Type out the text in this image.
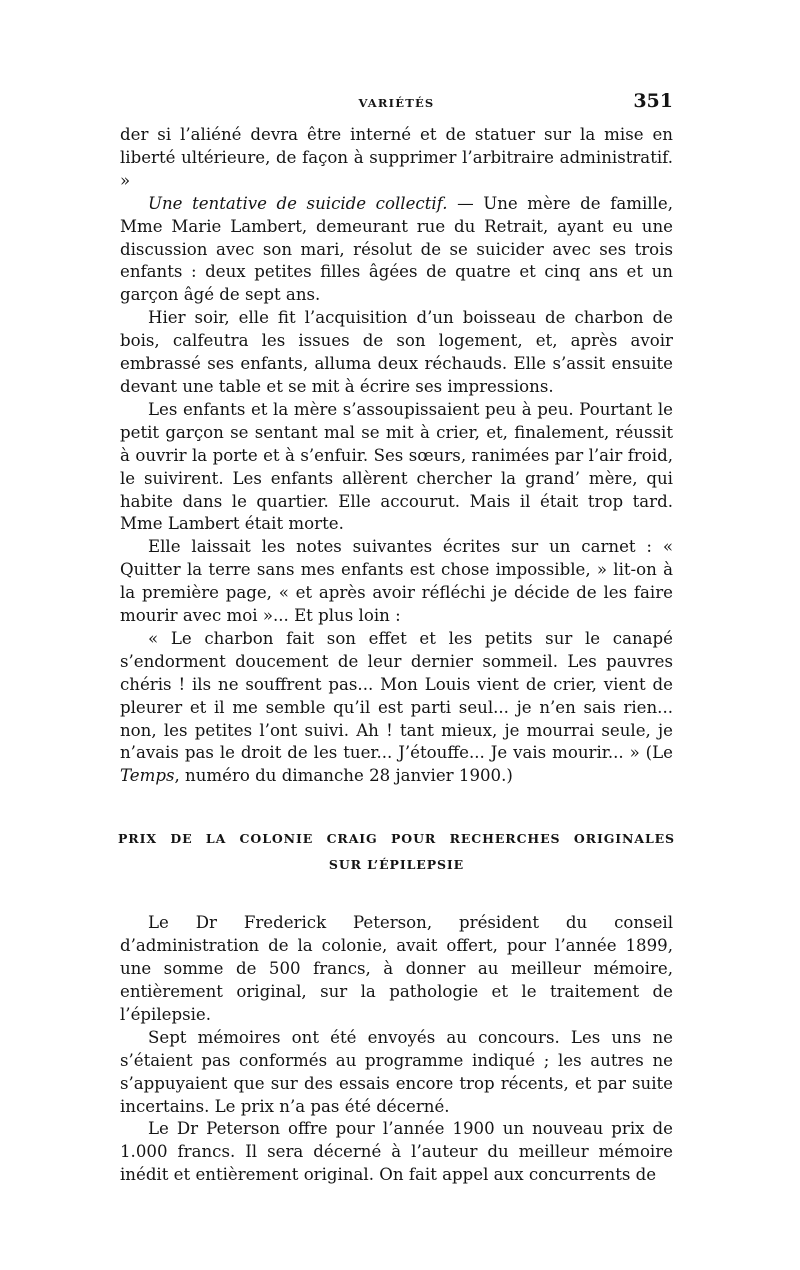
VARIÉTÉS	351

der si l’aliéné devra être interné et de statuer sur la mise en liberté ultérieure, de façon à supprimer l’arbitraire administratif. »

Une tentative de suicide collectif. — Une mère de famille, Mme Marie Lambert, demeurant rue du Retrait, ayant eu une discussion avec son mari, résolut de se suicider avec ses trois enfants : deux petites filles âgées de quatre et cinq ans et un garçon âgé de sept ans.

Hier soir, elle fit l’acquisition d’un boisseau de charbon de bois, calfeutra les issues de son logement, et, après avoir embrassé ses enfants, alluma deux réchauds. Elle s’assit ensuite devant une table et se mit à écrire ses impressions.

Les enfants et la mère s’assoupissaient peu à peu. Pourtant le petit garçon se sentant mal se mit à crier, et, finalement, réussit à ouvrir la porte et à s’enfuir. Ses sœurs, ranimées par l’air froid, le suivirent. Les enfants allèrent chercher la grand’ mère, qui habite dans le quartier. Elle accourut. Mais il était trop tard. Mme Lambert était morte.

Elle laissait les notes suivantes écrites sur un carnet : « Quitter la terre sans mes enfants est chose impossible, » lit-on à la première page, « et après avoir réfléchi je décide de les faire mourir avec moi »... Et plus loin :

« Le charbon fait son effet et les petits sur le canapé s’endorment doucement de leur dernier sommeil. Les pauvres chéris ! ils ne souffrent pas... Mon Louis vient de crier, vient de pleurer et il me semble qu’il est parti seul... je n’en sais rien... non, les petites l’ont suivi. Ah ! tant mieux, je mourrai seule, je n’avais pas le droit de les tuer... J’étouffe... Je vais mourir... » (Le Temps, numéro du dimanche 28 janvier 1900.)

PRIX DE LA COLONIE CRAIG POUR RECHERCHES ORIGINALES
SUR L’ÉPILEPSIE

Le Dr Frederick Peterson, président du conseil d’administration de la colonie, avait offert, pour l’année 1899, une somme de 500 francs, à donner au meilleur mémoire, entièrement original, sur la pathologie et le traitement de l’épilepsie.

Sept mémoires ont été envoyés au concours. Les uns ne s’étaient pas conformés au programme indiqué ; les autres ne s’appuyaient que sur des essais encore trop récents, et par suite incertains. Le prix n’a pas été décerné.

Le Dr Peterson offre pour l’année 1900 un nouveau prix de 1.000 francs. Il sera décerné à l’auteur du meilleur mémoire inédit et entièrement original. On fait appel aux concurrents de
